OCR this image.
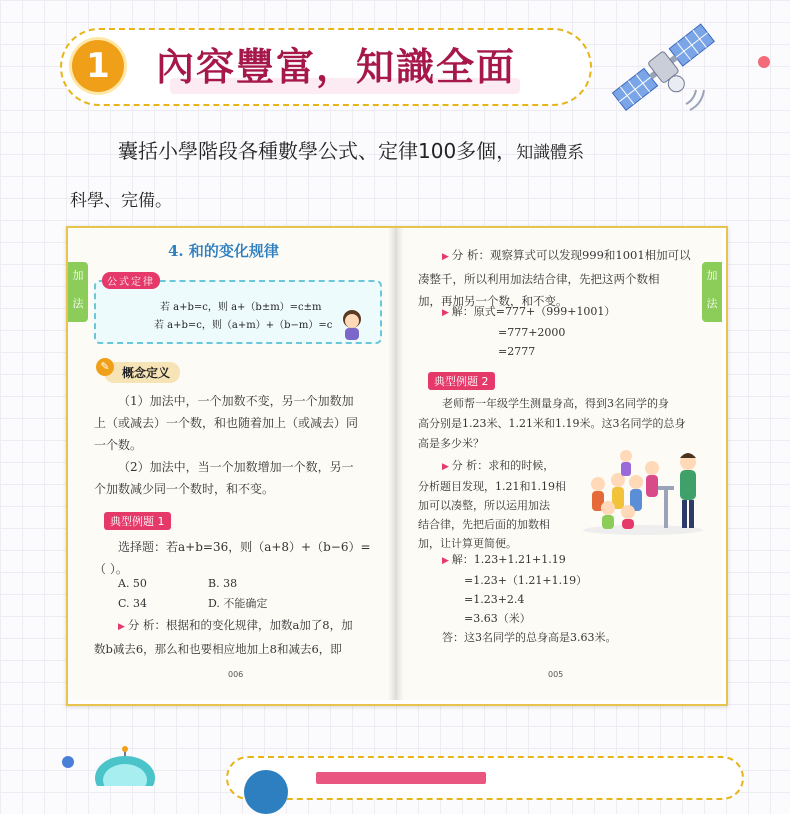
1	內容豐富，知識全面
囊括小學階段各種數學公式、定律100多個，知識體系
科學、完備。
加
法
4. 和的变化规律
公式定律
若 a+b=c，则 a+（b±m）=c±m
若 a+b=c，则（a+m）+（b−m）=c
概念定义
✎
（1）加法中，一个加数不变，另一个加数加
上（或减去）一个数，和也随着加上（或减去）同
一个数。
（2）加法中，当一个加数增加一个数，另一
个加数减少同一个数时，和不变。
典型例题 1
选择题：若a+b=36，则（a+8）+（b−6）=
（ ）。
A. 50	B. 38
C. 34	D. 不能确定
▶ 分 析：根据和的变化规律，加数a加了8，加
数b减去6，那么和也要相应地加上8和减去6，即
006
加
法
▶ 分 析：观察算式可以发现999和1001相加可以
凑整千，所以利用加法结合律，先把这两个数相
加，再加另一个数，和不变。
▶ 解：原式=777+（999+1001）
=777+2000
=2777
典型例题 2
老师帮一年级学生测量身高，得到3名同学的身
高分别是1.23米、1.21米和1.19米。这3名同学的总身
高是多少米？
▶ 分 析：求和的时候，
分析题目发现，1.21和1.19相
加可以凑整，所以运用加法
结合律，先把后面的加数相
加，让计算更简便。
▶ 解：1.23+1.21+1.19
=1.23+（1.21+1.19）
=1.23+2.4
=3.63（米）
答：这3名同学的总身高是3.63米。
005
